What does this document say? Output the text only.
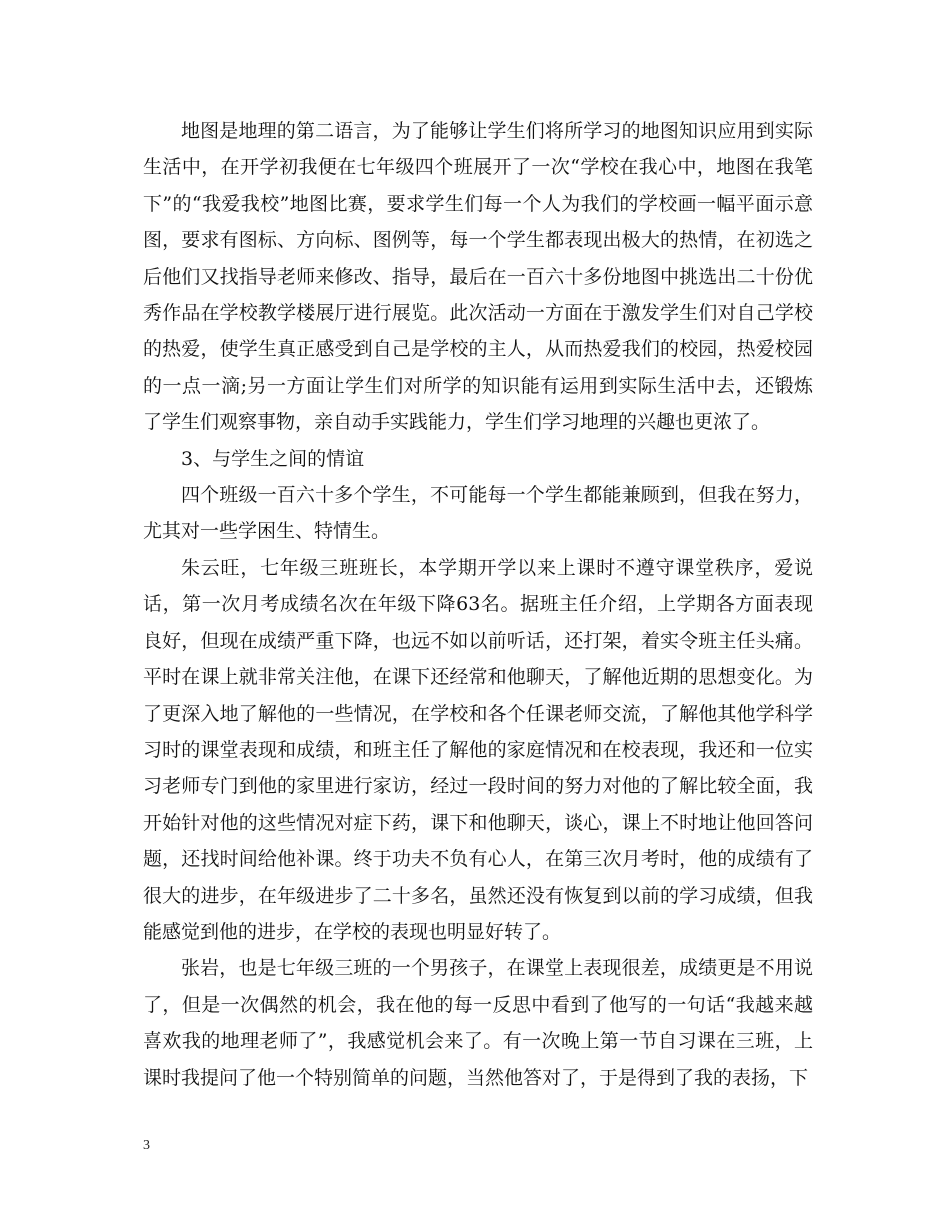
地图是地理的第二语言，为了能够让学生们将所学习的地图知识应用到实际生活中，在开学初我便在七年级四个班展开了一次“学校在我心中，地图在我笔下”的“我爱我校”地图比赛，要求学生们每一个人为我们的学校画一幅平面示意图，要求有图标、方向标、图例等，每一个学生都表现出极大的热情，在初选之后他们又找指导老师来修改、指导，最后在一百六十多份地图中挑选出二十份优秀作品在学校教学楼展厅进行展览。此次活动一方面在于激发学生们对自己学校的热爱，使学生真正感受到自己是学校的主人，从而热爱我们的校园，热爱校园的一点一滴;另一方面让学生们对所学的知识能有运用到实际生活中去，还锻炼了学生们观察事物，亲自动手实践能力，学生们学习地理的兴趣也更浓了。

3、与学生之间的情谊

四个班级一百六十多个学生，不可能每一个学生都能兼顾到，但我在努力，尤其对一些学困生、特情生。

朱云旺，七年级三班班长，本学期开学以来上课时不遵守课堂秩序，爱说话，第一次月考成绩名次在年级下降63名。据班主任介绍，上学期各方面表现良好，但现在成绩严重下降，也远不如以前听话，还打架，着实令班主任头痛。平时在课上就非常关注他，在课下还经常和他聊天，了解他近期的思想变化。为了更深入地了解他的一些情况，在学校和各个任课老师交流，了解他其他学科学习时的课堂表现和成绩，和班主任了解他的家庭情况和在校表现，我还和一位实习老师专门到他的家里进行家访，经过一段时间的努力对他的了解比较全面，我开始针对他的这些情况对症下药，课下和他聊天，谈心，课上不时地让他回答问题，还找时间给他补课。终于功夫不负有心人，在第三次月考时，他的成绩有了很大的进步，在年级进步了二十多名，虽然还没有恢复到以前的学习成绩，但我能感觉到他的进步，在学校的表现也明显好转了。

张岩，也是七年级三班的一个男孩子，在课堂上表现很差，成绩更是不用说了，但是一次偶然的机会，我在他的每一反思中看到了他写的一句话“我越来越喜欢我的地理老师了”，我感觉机会来了。有一次晚上第一节自习课在三班，上课时我提问了他一个特别简单的问题，当然他答对了，于是得到了我的表扬，下

3
